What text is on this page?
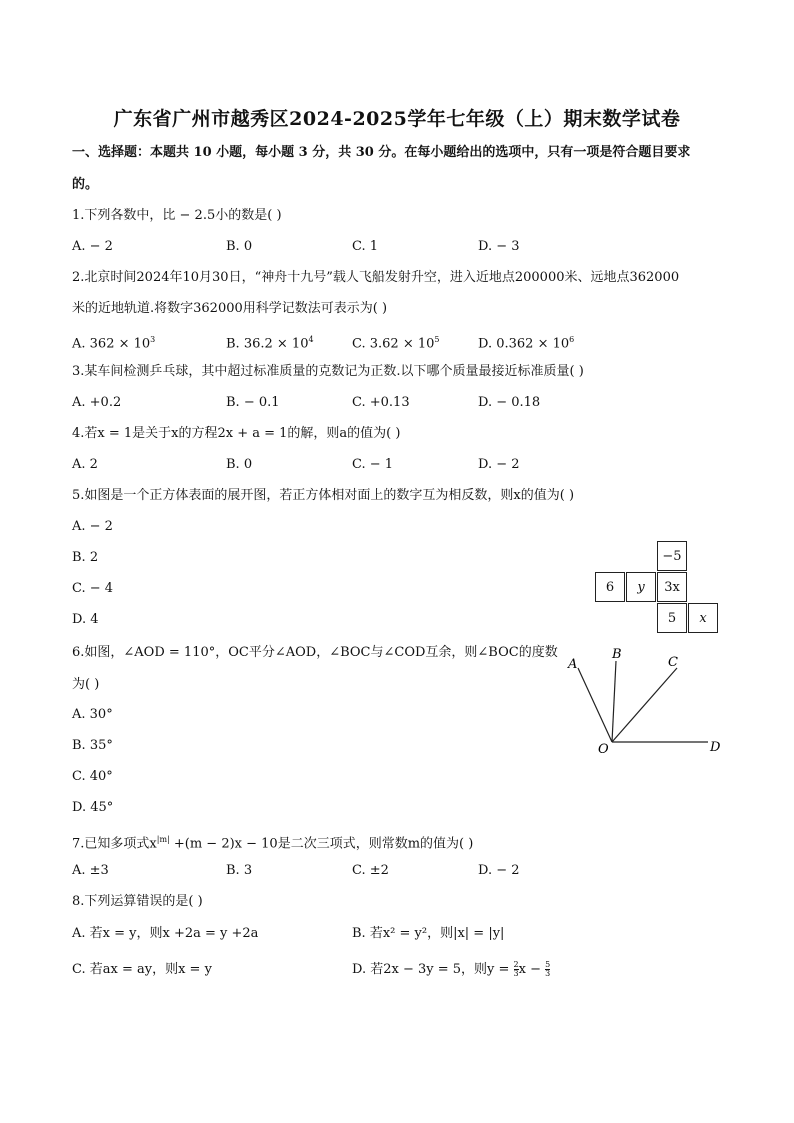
广东省广州市越秀区2024-2025学年七年级（上）期末数学试卷
一、选择题：本题共 10 小题，每小题 3 分，共 30 分。在每小题给出的选项中，只有一项是符合题目要求
的。
1.下列各数中，比 − 2.5小的数是( )
A. − 2	B. 0	C. 1	D. − 3
2.北京时间2024年10月30日，“神舟十九号”载人飞船发射升空，进入近地点200000米、远地点362000
米的近地轨道.将数字362000用科学记数法可表示为( )
A. $362 \times 10^3$	B. $36.2 \times 10^4$	C. $3.62 \times 10^5$	D. $0.362 \times 10^6$
3.某车间检测乒乓球，其中超过标准质量的克数记为正数.以下哪个质量最接近标准质量( )
A. +0.2	B. − 0.1	C. +0.13	D. − 0.18
4.若x = 1是关于x的方程2x + a = 1的解，则a的值为( )
A. 2	B. 0	C. − 1	D. − 2
5.如图是一个正方体表面的展开图，若正方体相对面上的数字互为相反数，则x的值为( )
A. − 2
B. 2
C. − 4
D. 4
−5
6	y	3x
5	x
6.如图，∠AOD = 110°，OC平分∠AOD，∠BOC与∠COD互余，则∠BOC的度数
为( )
A. 30°
B. 35°
C. 40°
D. 45°
A
B
C
O	D
7.已知多项式$x^{|m|} +(m - 2)x - 10$是二次三项式，则常数m的值为( )
A. ±3	B. 3	C. ±2	D. − 2
8.下列运算错误的是( )
A. 若x = y，则x +2a = y +2a	B. 若x² = y²，则|x| = |y|
C. 若ax = ay，则x = y	D. 若2x − 3y = 5，则$y = \frac{2}{3}$ $x - \frac{5}{3}$
